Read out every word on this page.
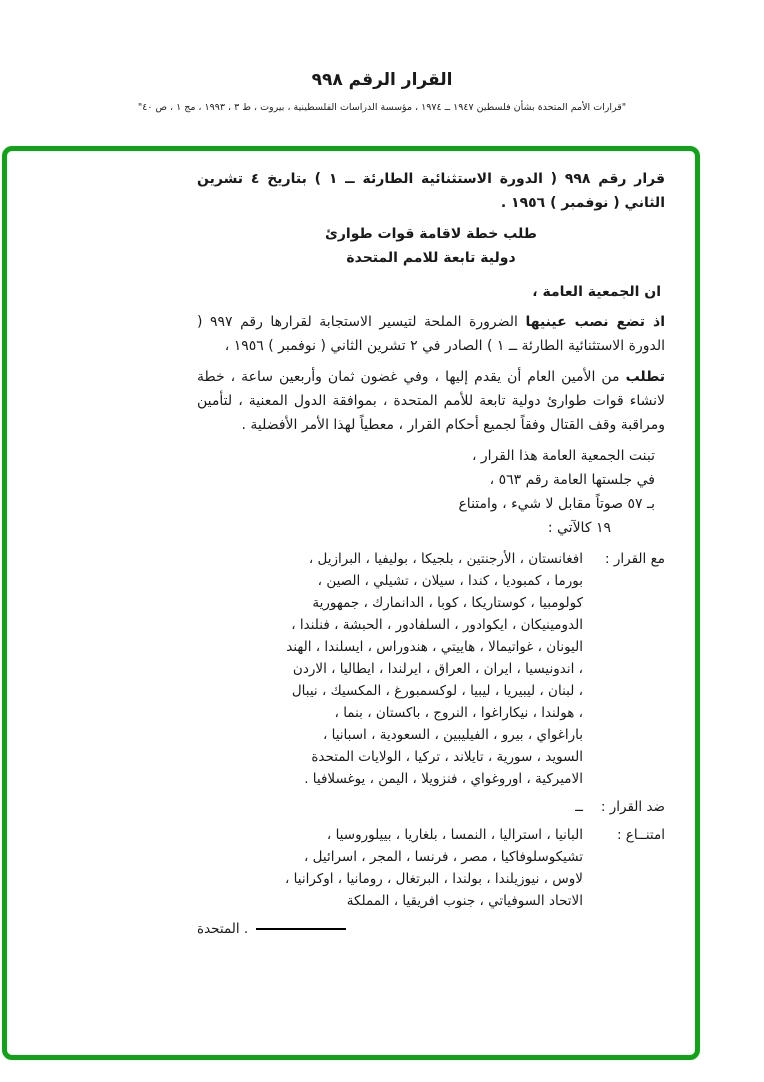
القرار الرقم ٩٩٨

"قرارات الأمم المتحدة بشأن فلسطين ١٩٤٧ ــ ١٩٧٤ ، مؤسسة الدراسات الفلسطينية ، بيروت ، ط ٣ ، ١٩٩٣ ، مج ١ ، ص ٤٠"

قرار رقم ٩٩٨ ( الدورة الاستثنائية الطارئة ــ ١ ) بتاريخ ٤ تشرين الثاني ( نوفمبر ) ١٩٥٦ .

طلب خطة لاقامة قوات طوارئ
دولية تابعة للامم المتحدة

ان الجمعية العامة ،

اذ تضع نصب عينيها الضرورة الملحة لتيسير الاستجابة لقرارها رقم ٩٩٧ ( الدورة الاستثنائية الطارئة ــ ١ ) الصادر في ٢ تشرين الثاني ( نوفمبر ) ١٩٥٦ ،

تطلب من الأمين العام أن يقدم إليها ، وفي غضون ثمان وأربعين ساعة ، خطة لانشاء قوات طوارئ دولية تابعة للأمم المتحدة ، بموافقة الدول المعنية ، لتأمين ومراقبة وقف القتال وفقاً لجميع أحكام القرار ، معطياً لهذا الأمر الأفضلية .

تبنت الجمعية العامة هذا القرار ،
في جلستها العامة رقم ٥٦٣ ،
بـ ٥٧ صوتاً مقابل لا شيء ، وامتناع
١٩ كالآتي :
مع القرار :
افغانستان ، الأرجنتين ، بلجيكا ، بوليفيا ، البرازيل ، بورما ، كمبوديا ، كندا ، سيلان ، تشيلي ، الصين ، كولومبيا ، كوستاريكا ، كوبا ، الدانمارك ، جمهورية الدومينيكان ، ايكوادور ، السلفادور ، الحبشة ، فنلندا ، اليونان ، غواتيمالا ، هاييتي ، هندوراس ، ايسلندا ، الهند ، اندونيسيا ، ايران ، العراق ، ايرلندا ، ايطاليا ، الاردن ، لبنان ، ليبيريا ، ليبيا ، لوكسمبورغ ، المكسيك ، نيبال ، هولندا ، نيكاراغوا ، النروج ، باكستان ، بنما ، باراغواي ، بيرو ، الفيليبين ، السعودية ، اسبانيا ، السويد ، سورية ، تايلاند ، تركيا ، الولايات المتحدة الاميركية ، اوروغواي ، فنزويلا ، اليمن ، يوغسلافيا .
ضد القرار :
ــ
امتنــاع :
البانيا ، استراليا ، النمسا ، بلغاريا ، بييلوروسيا ، تشيكوسلوفاكيا ، مصر ، فرنسا ، المجر ، اسرائيل ، لاوس ، نيوزيلندا ، بولندا ، البرتغال ، رومانيا ، اوكرانيا ، الاتحاد السوفياتي ، جنوب افريقيا ، المملكة
المتحدة .
